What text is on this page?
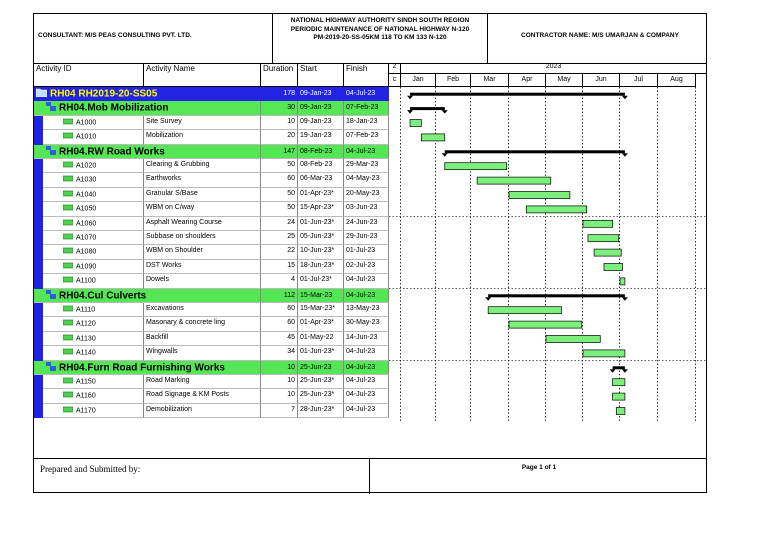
CONSULTANT: M/S PEAS CONSULTING PVT. LTD.
NATIONAL HIGHWAY AUTHORITY SINDH SOUTH REGION
PERIODIC MAINTENANCE OF NATIONAL HIGHWAY N-120
PM-2019-20-SS-05KM 118 TO KM 133 N-120	CONTRACTOR NAME: M/S UMARJAN & COMPANY
Activity ID	Activity Name	Duration Start	Finish	2	2023
c	Jan	Feb	Mar	Apr	May	Jun	Jul	Aug
RH04 RH2019-20-SS05	178 09-Jan-23	04-Jul-23
RH04.Mob Mobilization	30 09-Jan-23	07-Feb-23
A1000	Site Survey	10 09-Jan-23	18-Jan-23
A1010	Mobilization	20 19-Jan-23	07-Feb-23
RH04.RW Road Works	147 08-Feb-23	04-Jul-23
A1020	Clearing & Grubbing	50 08-Feb-23	29-Mar-23
A1030	Earthworks	60 06-Mar-23	04-May-23
A1040	Granular S/Base	50 01-Apr-23*	20-May-23
A1050	WBM on C/way	50 15-Apr-23*	03-Jun-23
A1060	Asphalt Wearing Course	24 01-Jun-23*	24-Jun-23
A1070	Subbase on shoulders	25 05-Jun-23*	29-Jun-23
A1080	WBM on Shoulder	22 10-Jun-23*	01-Jul-23
A1090	DST Works	15 18-Jun-23*	02-Jul-23
A1100	Dowels	4 01-Jul-23*	04-Jul-23
RH04.Cul Culverts	112 15-Mar-23	04-Jul-23
A1110	Excavations	60 15-Mar-23*	13-May-23
A1120	Masonary & concrete ling	60 01-Apr-23*	30-May-23
A1130	Backfill	45 01-May-22	14-Jun-23
A1140	Wingwalls	34 01-Jun-23*	04-Jul-23
RH04.Furn Road Furnishing Works	10 25-Jun-23	04-Jul-23
A1150	Road Marking	10 25-Jun-23*	04-Jul-23
A1160	Road Signage & KM Posts	10 25-Jun-23*	04-Jul-23
A1170	Demobilization	7 28-Jun-23*	04-Jul-23
Prepared and Submitted by:	Page 1 of 1
